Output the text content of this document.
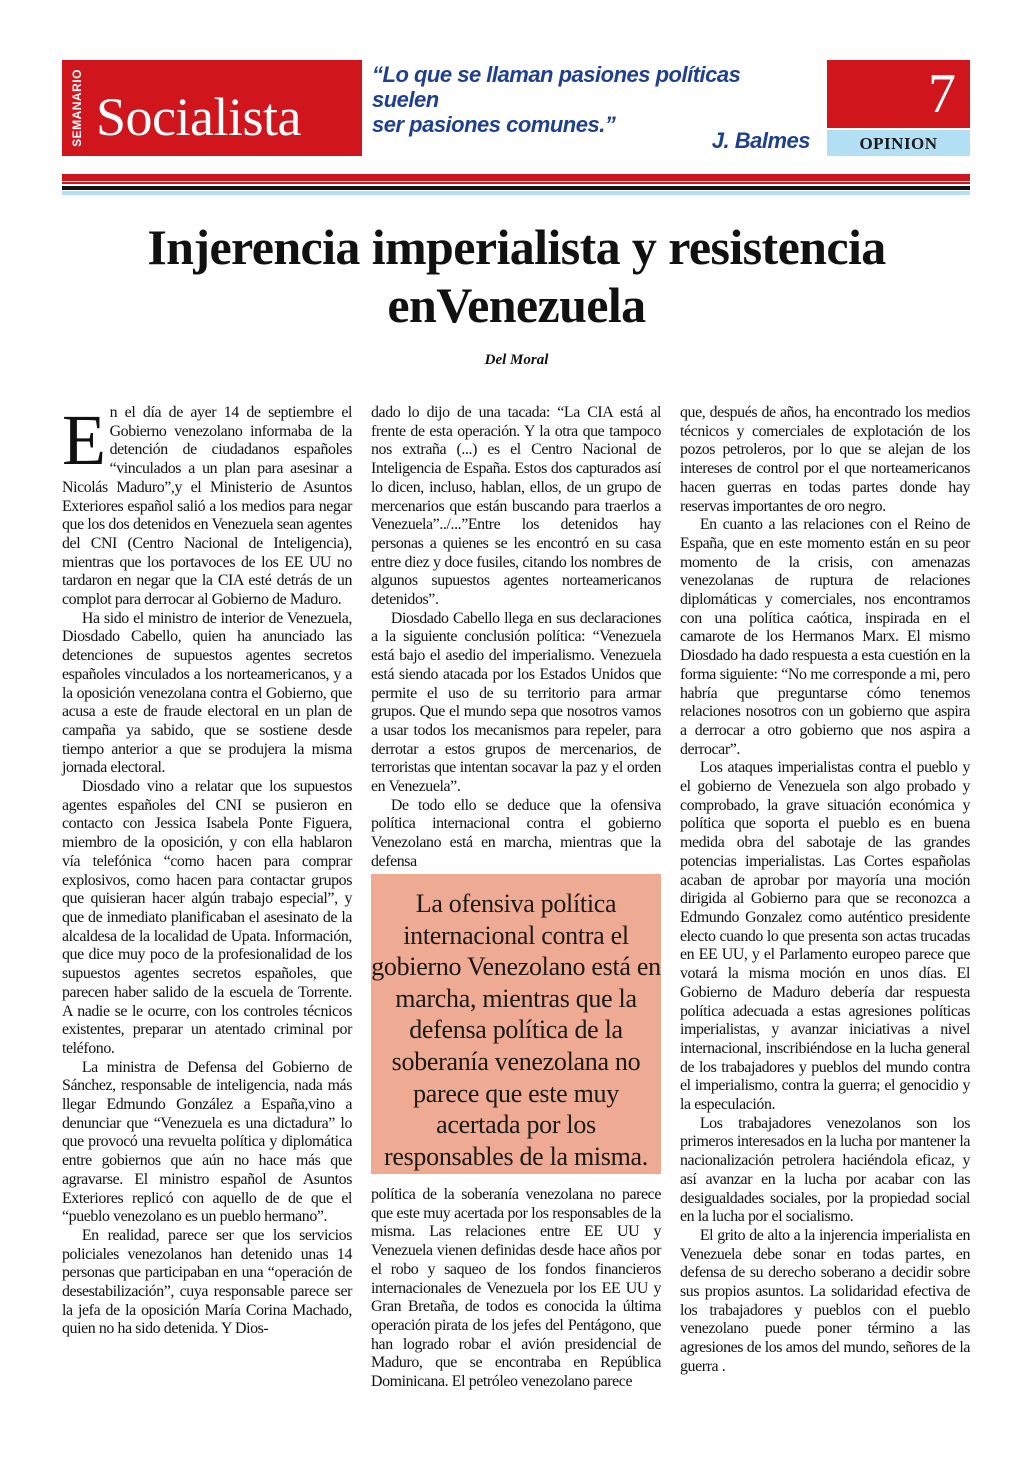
SEMANARIO Socialista
“Lo que se llaman pasiones políticas suelen
ser pasiones comunes.”
J. Balmes
7
OPINION
Injerencia imperialista y resistencia
enVenezuela
Del Moral

En el día de ayer 14 de septiembre el Gobierno venezolano informaba de la detención de ciudadanos españoles “vinculados a un plan para asesinar a Nicolás Maduro”,y el Ministerio de Asuntos Exteriores español salió a los medios para negar que los dos detenidos en Venezuela sean agentes del CNI (Centro Nacional de Inteligencia), mientras que los portavoces de los EE UU no tardaron en negar que la CIA esté detrás de un complot para derrocar al Gobierno de Maduro.

Ha sido el ministro de interior de Venezuela, Diosdado Cabello, quien ha anunciado las detenciones de supuestos agentes secretos españoles vinculados a los norteamericanos, y a la oposición venezolana contra el Gobierno, que acusa a este de fraude electoral en un plan de campaña ya sabido, que se sostiene desde tiempo anterior a que se produjera la misma jornada electoral.

Diosdado vino a relatar que los supuestos agentes españoles del CNI se pusieron en contacto con Jessica Isabela Ponte Figuera, miembro de la oposición, y con ella hablaron vía telefónica “como hacen para comprar explosivos, como hacen para contactar grupos que quisieran hacer algún trabajo especial”, y que de inmediato planificaban el asesinato de la alcaldesa de la localidad de Upata. Información, que dice muy poco de la profesionalidad de los supuestos agentes secretos españoles, que parecen haber salido de la escuela de Torrente. A nadie se le ocurre, con los controles técnicos existentes, preparar un atentado criminal por teléfono.

La ministra de Defensa del Gobierno de Sánchez, responsable de inteligencia, nada más llegar Edmundo González a España,vino a denunciar que “Venezuela es una dictadura” lo que provocó una revuelta política y diplomática entre gobiernos que aún no hace más que agravarse. El ministro español de Asuntos Exteriores replicó con aquello de de que el “pueblo venezolano es un pueblo hermano”.

En realidad, parece ser que los servicios policiales venezolanos han detenido unas 14 personas que participaban en una “operación de desestabilización”, cuya responsable parece ser la jefa de la oposición María Corina Machado, quien no ha sido detenida. Y Dios-

dado lo dijo de una tacada: “La CIA está al frente de esta operación. Y la otra que tampoco nos extraña (...) es el Centro Nacional de Inteligencia de España. Estos dos capturados así lo dicen, incluso, hablan, ellos, de un grupo de mercenarios que están buscando para traerlos a Venezuela”../...”Entre los detenidos hay personas a quienes se les encontró en su casa entre diez y doce fusiles, citando los nombres de algunos supuestos agentes norteamericanos detenidos”.

Diosdado Cabello llega en sus declaraciones a la siguiente conclusión política: “Venezuela está bajo el asedio del imperialismo. Venezuela está siendo atacada por los Estados Unidos que permite el uso de su territorio para armar grupos. Que el mundo sepa que nosotros vamos a usar todos los mecanismos para repeler, para derrotar a estos grupos de mercenarios, de terroristas que intentan socavar la paz y el orden en Venezuela”.

De todo ello se deduce que la ofensiva política internacional contra el gobierno Venezolano está en marcha, mientras que la defensa

La ofensiva política internacional contra el gobierno Venezolano está en marcha, mientras que la defensa política de la soberanía venezolana no parece que este muy acertada por los responsables de la misma.

política de la soberanía venezolana no parece que este muy acertada por los responsables de la misma. Las relaciones entre EE UU y Venezuela vienen definidas desde hace años por el robo y saqueo de los fondos financieros internacionales de Venezuela por los EE UU y Gran Bretaña, de todos es conocida la última operación pirata de los jefes del Pentágono, que han logrado robar el avión presidencial de Maduro, que se encontraba en República Dominicana. El petróleo venezolano parece

que, después de años, ha encontrado los medios técnicos y comerciales de explotación de los pozos petroleros, por lo que se alejan de los intereses de control por el que norteamericanos hacen guerras en todas partes donde hay reservas importantes de oro negro.

En cuanto a las relaciones con el Reino de España, que en este momento están en su peor momento de la crisis, con amenazas venezolanas de ruptura de relaciones diplomáticas y comerciales, nos encontramos con una política caótica, inspirada en el camarote de los Hermanos Marx. El mismo Diosdado ha dado respuesta a esta cuestión en la forma siguiente: “No me corresponde a mi, pero habría que preguntarse cómo tenemos relaciones nosotros con un gobierno que aspira a derrocar a otro gobierno que nos aspira a derrocar”.

Los ataques imperialistas contra el pueblo y el gobierno de Venezuela son algo probado y comprobado, la grave situación económica y política que soporta el pueblo es en buena medida obra del sabotaje de las grandes potencias imperialistas. Las Cortes españolas acaban de aprobar por mayoría una moción dirigida al Gobierno para que se reconozca a Edmundo Gonzalez como auténtico presidente electo cuando lo que presenta son actas trucadas en EE UU, y el Parlamento europeo parece que votará la misma moción en unos días. El Gobierno de Maduro debería dar respuesta política adecuada a estas agresiones políticas imperialistas, y avanzar iniciativas a nivel internacional, inscribiéndose en la lucha general de los trabajadores y pueblos del mundo contra el imperialismo, contra la guerra; el genocidio y la especulación.

Los trabajadores venezolanos son los primeros interesados en la lucha por mantener la nacionalización petrolera haciéndola eficaz, y así avanzar en la lucha por acabar con las desigualdades sociales, por la propiedad social en la lucha por el socialismo.

El grito de alto a la injerencia imperialista en Venezuela debe sonar en todas partes, en defensa de su derecho soberano a decidir sobre sus propios asuntos. La solidaridad efectiva de los trabajadores y pueblos con el pueblo venezolano puede poner término a las agresiones de los amos del mundo, señores de la guerra .
